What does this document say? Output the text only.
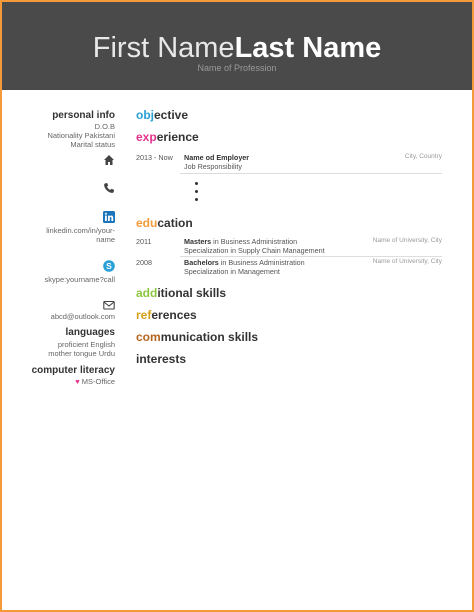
First NameLast Name
Name of Profession
personal info
D.O.B
Nationality Pakistani
Marital status
linkedin.com/in/your-
name
S
skype:yourname?call
abcd@outlook.com
languages
proficient English
mother tongue Urdu
computer literacy
♥ MS-Office
objective
experience
2013 - Now Name od Employer	City, Country
Job Responsibility
education
2011	Masters in Business Administration	Name of University, City
Specialization in Supply Chain Management
2008	Bachelors in Business Administration	Name of University, City
Specialization in Management
additional skills
references
communication skills
interests
